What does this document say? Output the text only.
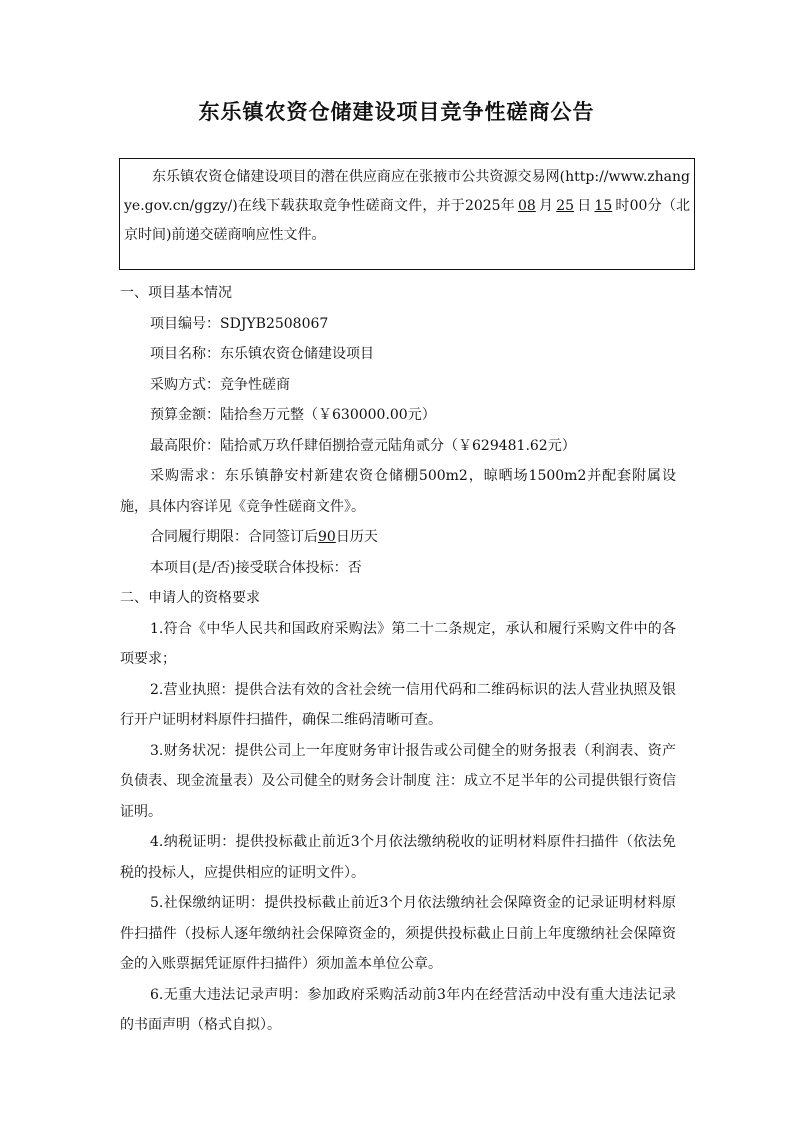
东乐镇农资仓储建设项目竞争性磋商公告

东乐镇农资仓储建设项目的潜在供应商应在张掖市公共资源交易网(http://www.zhangye.gov.cn/ggzy/)在线下载获取竞争性磋商文件，并于2025年 08 月 25 日 15 时00分（北京时间)前递交磋商响应性文件。

一、项目基本情况

项目编号：SDJYB2508067

项目名称：东乐镇农资仓储建设项目

采购方式：竞争性磋商

预算金额：陆拾叁万元整（￥630000.00元）

最高限价：陆拾贰万玖仟肆佰捌拾壹元陆角贰分（￥629481.62元）

采购需求：东乐镇静安村新建农资仓储棚500m2，晾晒场1500m2并配套附属设施，具体内容详见《竞争性磋商文件》。

合同履行期限：合同签订后90日历天

本项目(是/否)接受联合体投标：否

二、申请人的资格要求

1.符合《中华人民共和国政府采购法》第二十二条规定，承认和履行采购文件中的各项要求；

2.营业执照：提供合法有效的含社会统一信用代码和二维码标识的法人营业执照及银行开户证明材料原件扫描件，确保二维码清晰可查。

3.财务状况：提供公司上一年度财务审计报告或公司健全的财务报表（利润表、资产负债表、现金流量表）及公司健全的财务会计制度 注：成立不足半年的公司提供银行资信证明。

4.纳税证明：提供投标截止前近3个月依法缴纳税收的证明材料原件扫描件（依法免税的投标人，应提供相应的证明文件）。

5.社保缴纳证明：提供投标截止前近3个月依法缴纳社会保障资金的记录证明材料原件扫描件（投标人逐年缴纳社会保障资金的，须提供投标截止日前上年度缴纳社会保障资金的入账票据凭证原件扫描件）须加盖本单位公章。

6.无重大违法记录声明：参加政府采购活动前3年内在经营活动中没有重大违法记录的书面声明（格式自拟）。
